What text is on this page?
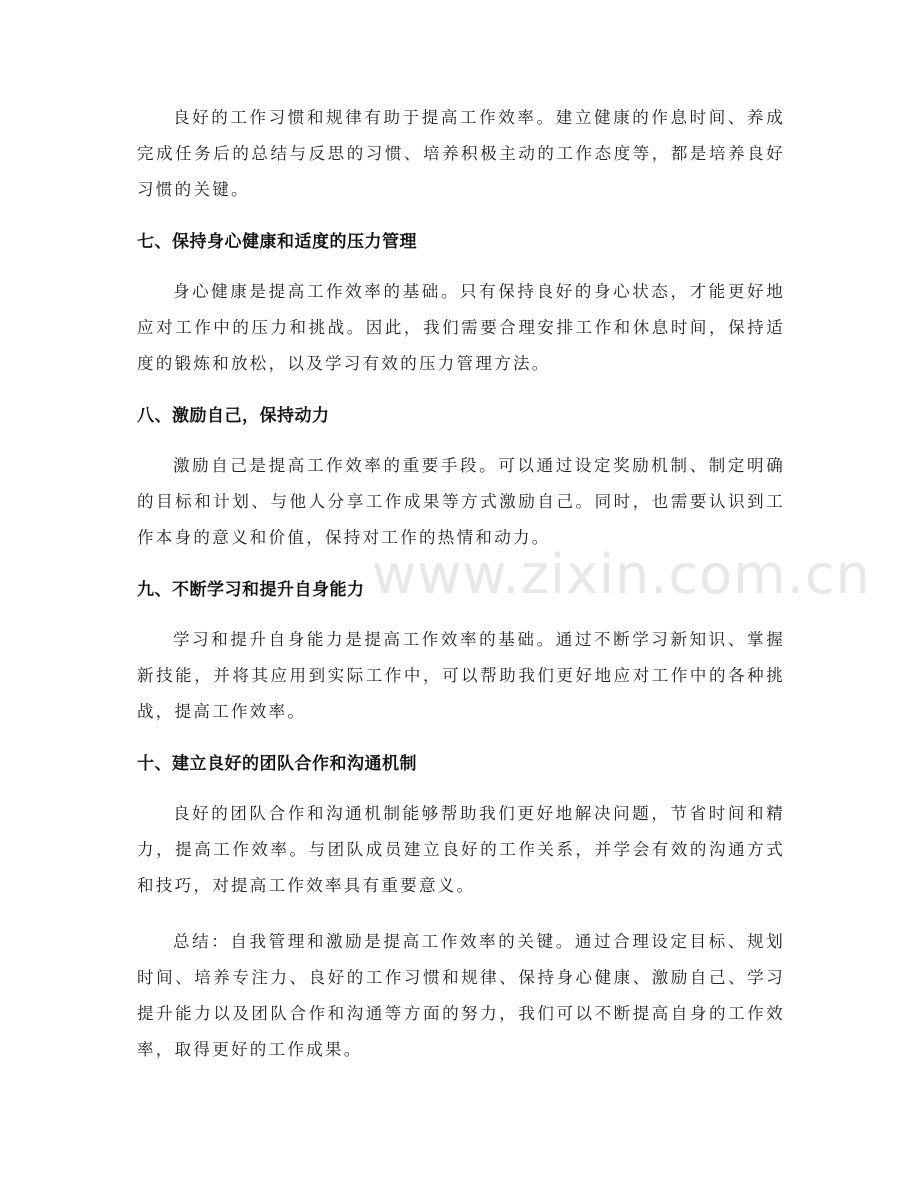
www.zixin.com.cn

良好的工作习惯和规律有助于提高工作效率。建立健康的作息时间、养成完成任务后的总结与反思的习惯、培养积极主动的工作态度等，都是培养良好习惯的关键。

七、保持身心健康和适度的压力管理

身心健康是提高工作效率的基础。只有保持良好的身心状态，才能更好地应对工作中的压力和挑战。因此，我们需要合理安排工作和休息时间，保持适度的锻炼和放松，以及学习有效的压力管理方法。

八、激励自己，保持动力

激励自己是提高工作效率的重要手段。可以通过设定奖励机制、制定明确的目标和计划、与他人分享工作成果等方式激励自己。同时，也需要认识到工作本身的意义和价值，保持对工作的热情和动力。

九、不断学习和提升自身能力

学习和提升自身能力是提高工作效率的基础。通过不断学习新知识、掌握新技能，并将其应用到实际工作中，可以帮助我们更好地应对工作中的各种挑战，提高工作效率。

十、建立良好的团队合作和沟通机制

良好的团队合作和沟通机制能够帮助我们更好地解决问题，节省时间和精力，提高工作效率。与团队成员建立良好的工作关系，并学会有效的沟通方式和技巧，对提高工作效率具有重要意义。

总结：自我管理和激励是提高工作效率的关键。通过合理设定目标、规划时间、培养专注力、良好的工作习惯和规律、保持身心健康、激励自己、学习提升能力以及团队合作和沟通等方面的努力，我们可以不断提高自身的工作效率，取得更好的工作成果。
